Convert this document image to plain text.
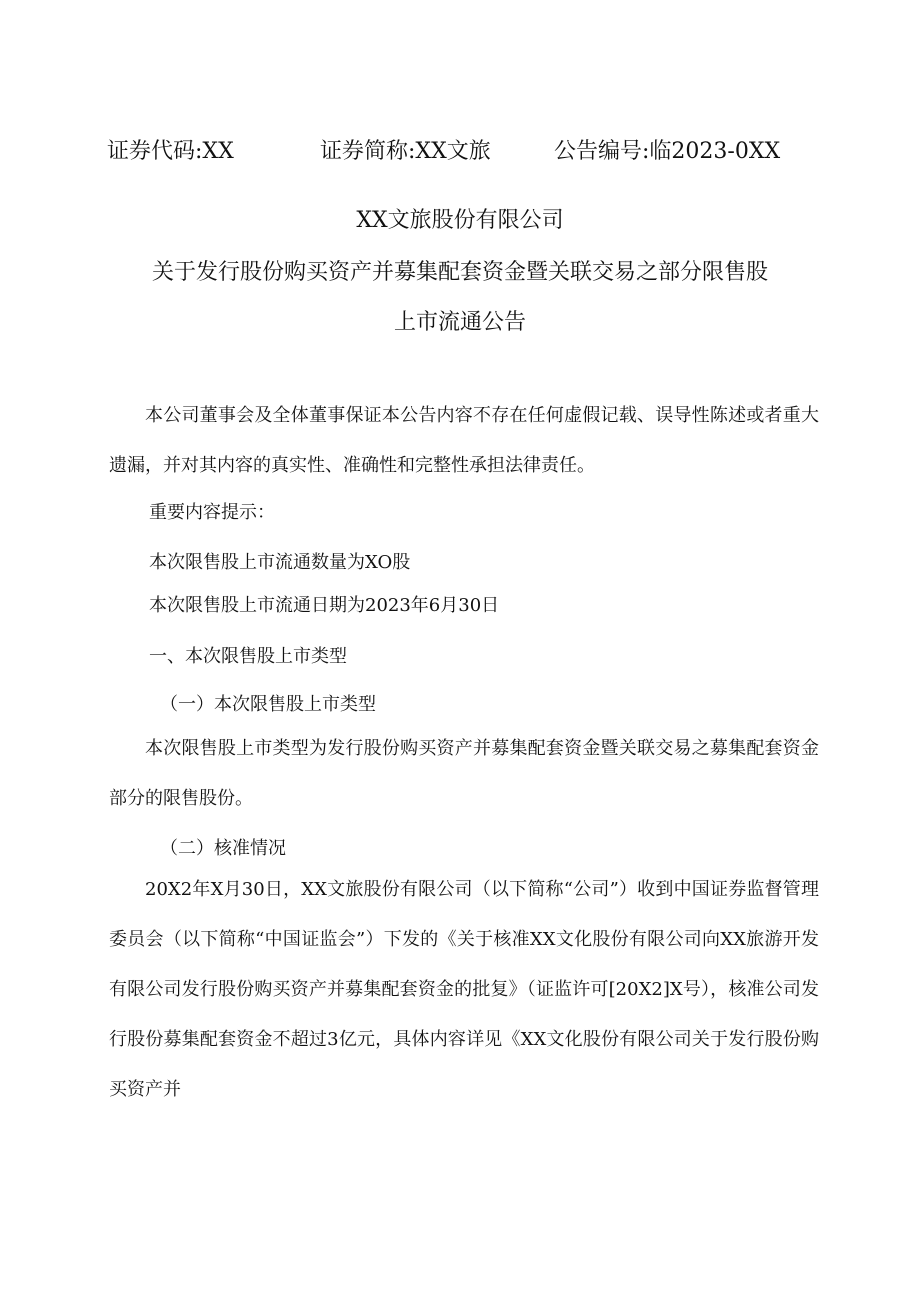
证券代码:XX	证券简称:XX文旅	公告编号:临2023-0XX
XX文旅股份有限公司
关于发行股份购买资产并募集配套资金暨关联交易之部分限售股
上市流通公告

本公司董事会及全体董事保证本公告内容不存在任何虚假记载、误导性陈述或者重大遗漏，并对其内容的真实性、准确性和完整性承担法律责任。

重要内容提示：
本次限售股上市流通数量为XO股
本次限售股上市流通日期为2023年6月30日
一、本次限售股上市类型
（一）本次限售股上市类型

本次限售股上市类型为发行股份购买资产并募集配套资金暨关联交易之募集配套资金部分的限售股份。

（二）核准情况

20X2年X月30日，XX文旅股份有限公司（以下简称“公司”）收到中国证券监督管理委员会（以下简称“中国证监会”）下发的《关于核准XX文化股份有限公司向XX旅游开发有限公司发行股份购买资产并募集配套资金的批复》（证监许可[20X2]X号），核准公司发行股份募集配套资金不超过3亿元，具体内容详见《XX文化股份有限公司关于发行股份购买资产并
